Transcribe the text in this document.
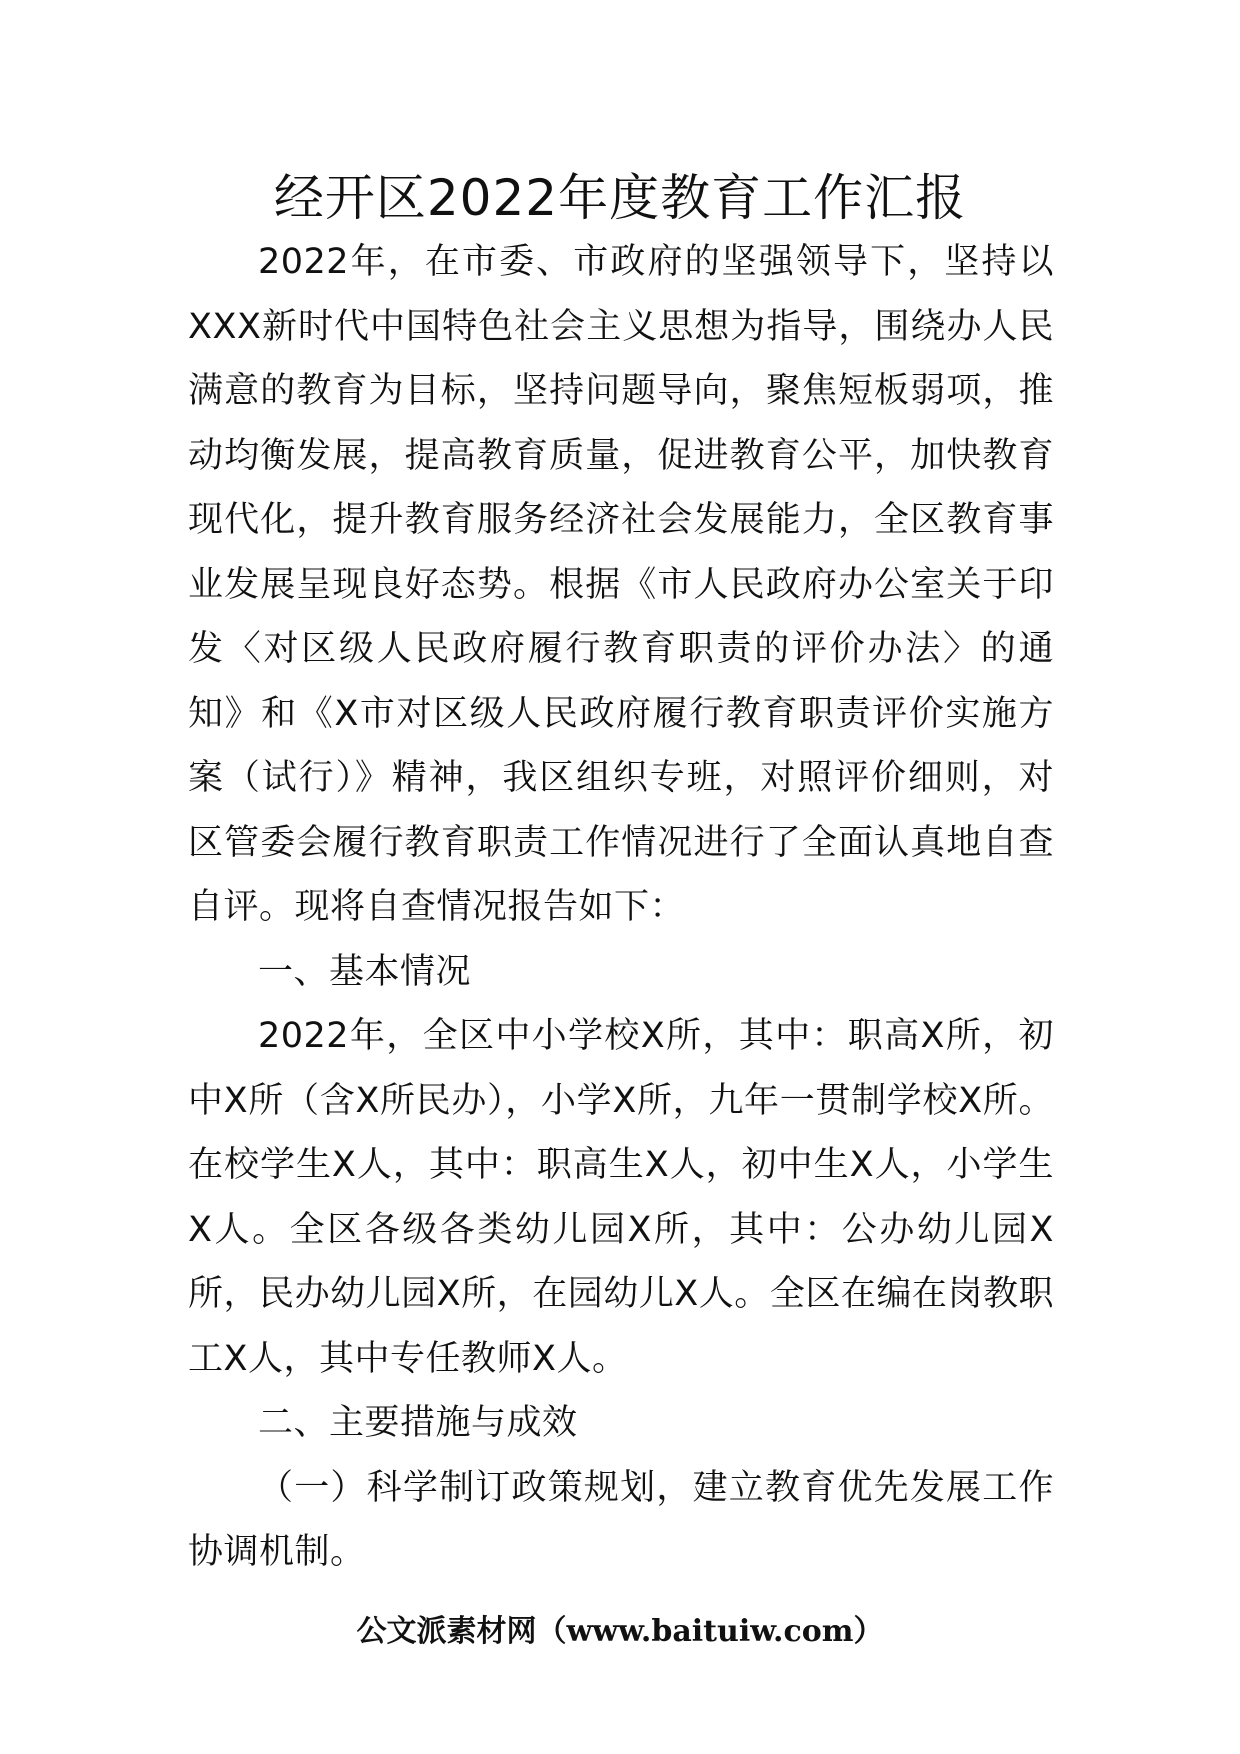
经开区2022年度教育工作汇报

2022年，在市委、市政府的坚强领导下，坚持以XXX新时代中国特色社会主义思想为指导，围绕办人民满意的教育为目标，坚持问题导向，聚焦短板弱项，推动均衡发展，提高教育质量，促进教育公平，加快教育现代化，提升教育服务经济社会发展能力，全区教育事业发展呈现良好态势。根据《市人民政府办公室关于印发〈对区级人民政府履行教育职责的评价办法〉的通知》和《X市对区级人民政府履行教育职责评价实施方案（试行）》精神，我区组织专班，对照评价细则，对区管委会履行教育职责工作情况进行了全面认真地自查自评。现将自查情况报告如下：

一、基本情况

2022年，全区中小学校X所，其中：职高X所，初中X所（含X所民办），小学X所，九年一贯制学校X所。在校学生X人，其中：职高生X人，初中生X人，小学生X人。全区各级各类幼儿园X所，其中：公办幼儿园X所，民办幼儿园X所，在园幼儿X人。全区在编在岗教职工X人，其中专任教师X人。

二、主要措施与成效

（一）科学制订政策规划，建立教育优先发展工作协调机制。

公文派素材网（www.baituiw.com）
